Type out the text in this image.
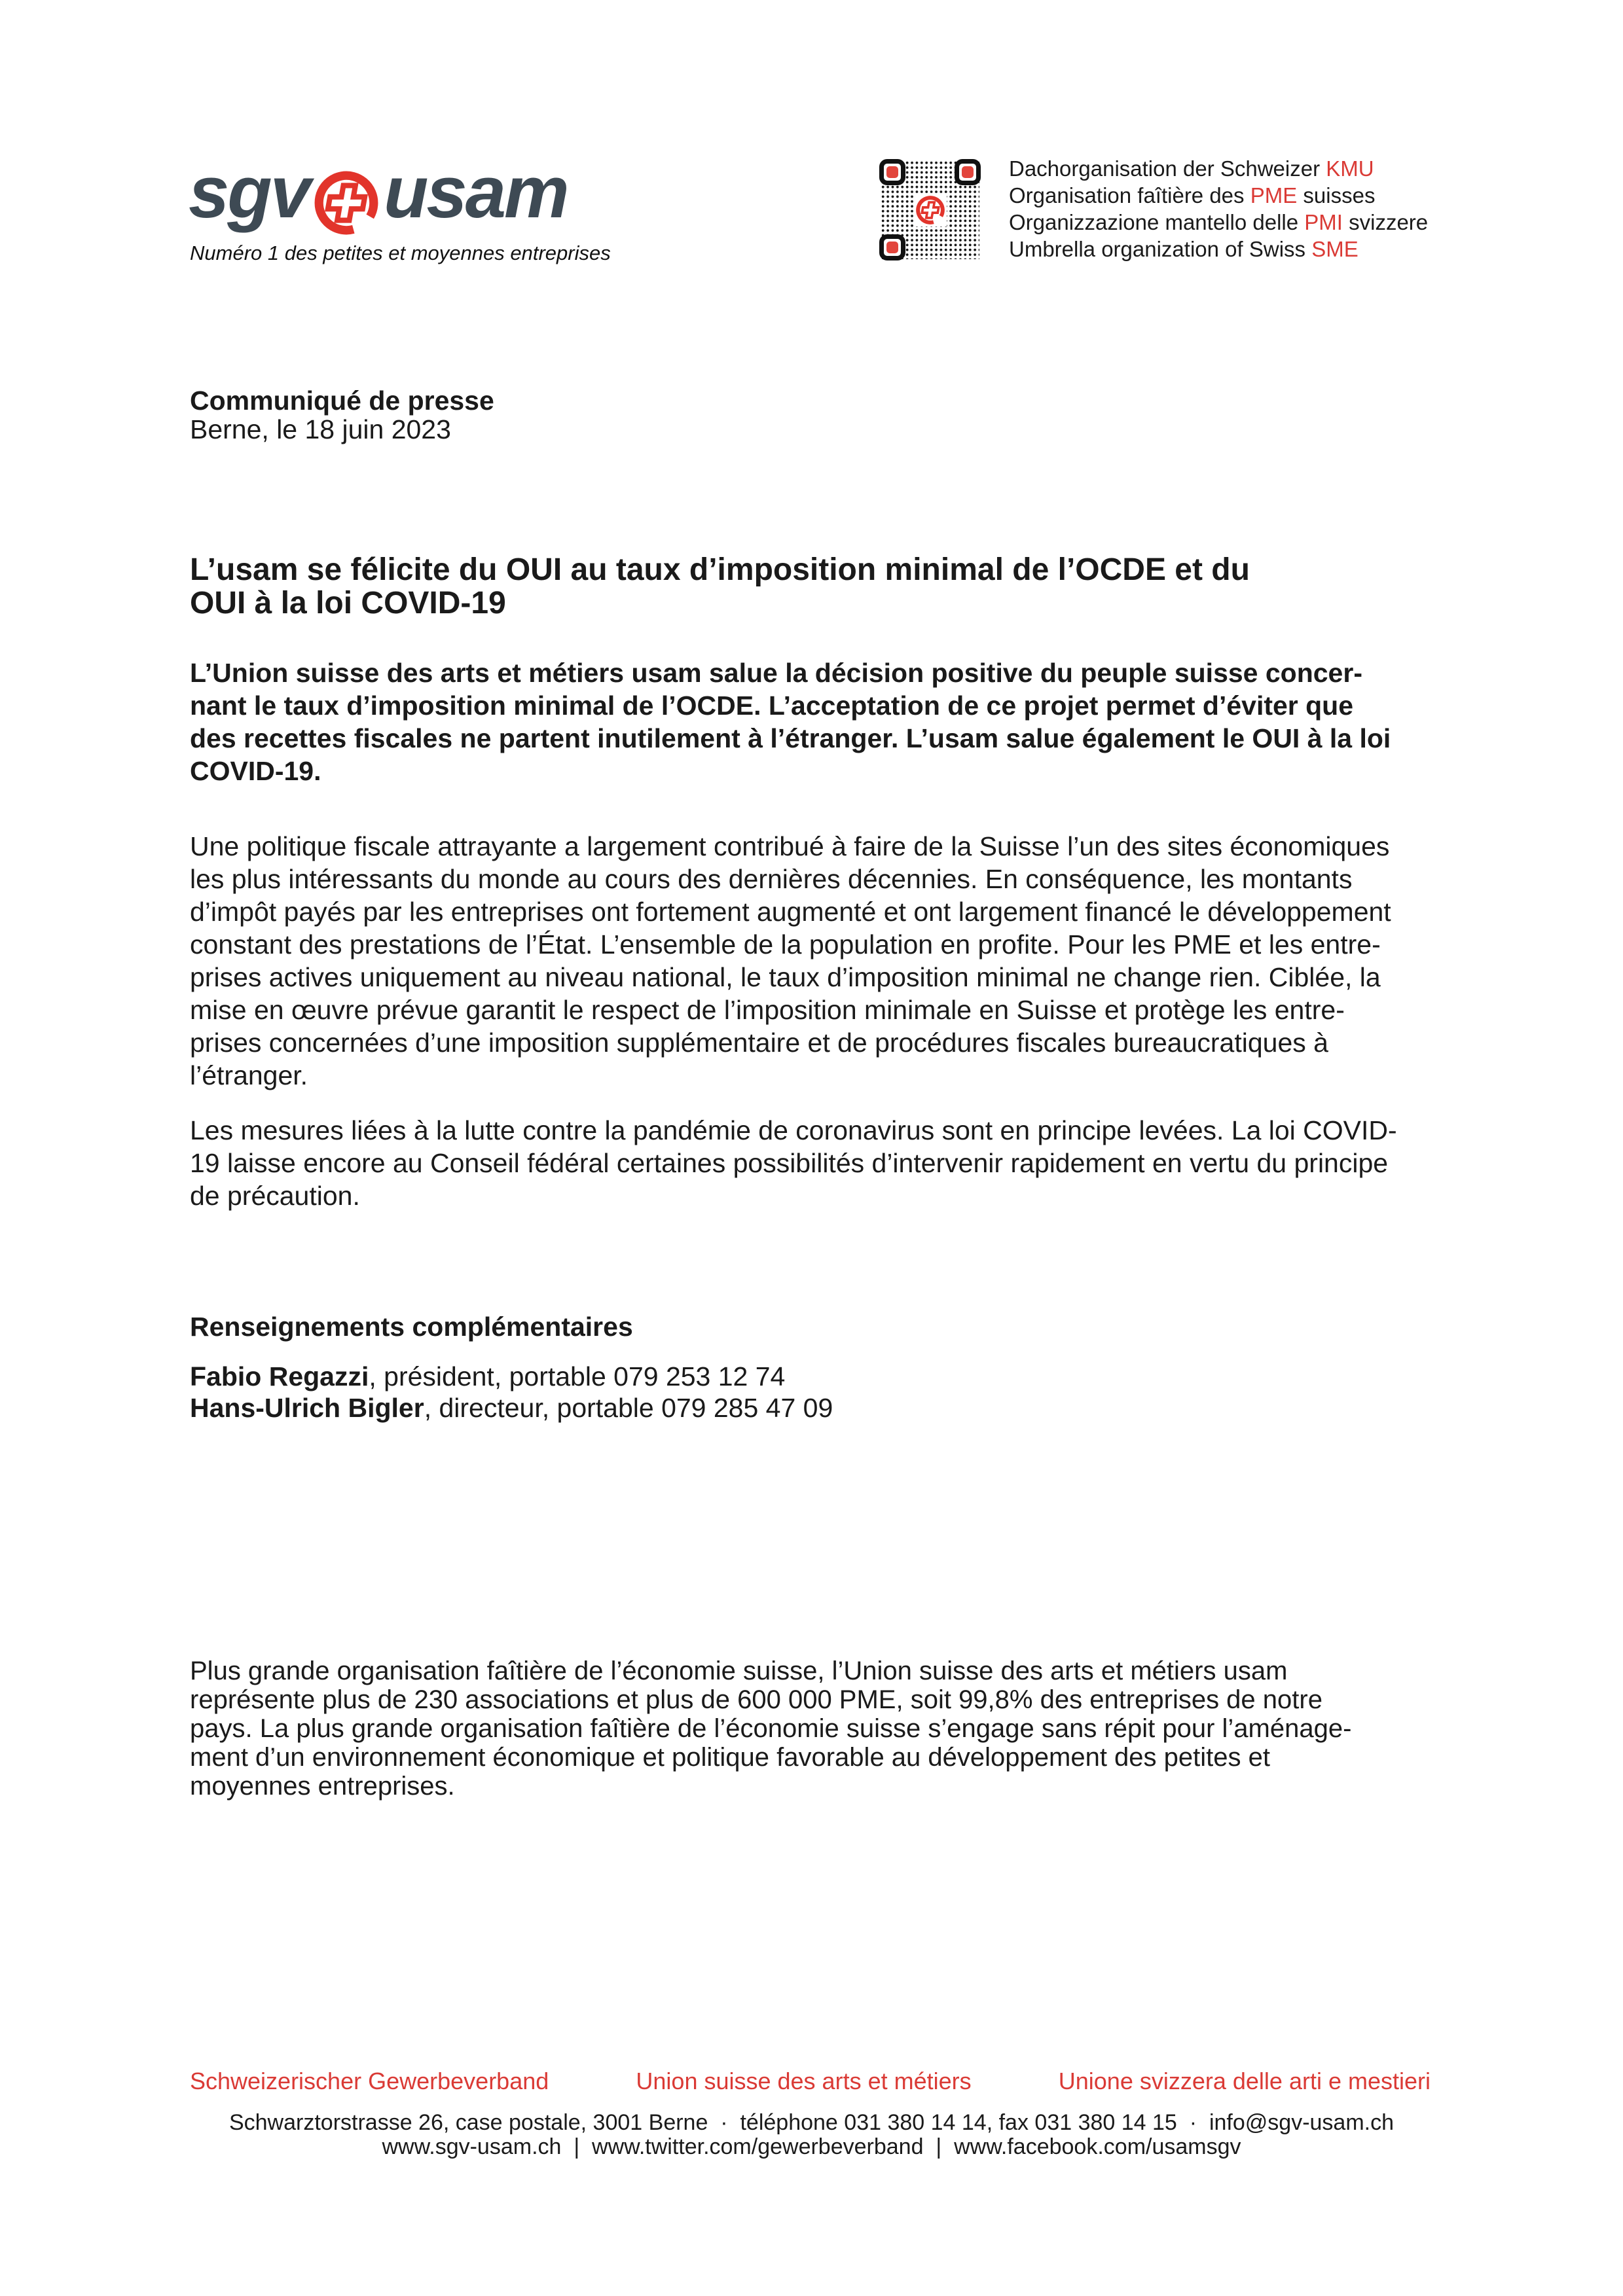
sgv usam
Numéro 1 des petites et moyennes entreprises
Dachorganisation der Schweizer KMU
Organisation faîtière des PME suisses
Organizzazione mantello delle PMI svizzere
Umbrella organization of Swiss SME
Communiqué de presse
Berne, le 18 juin 2023
L’usam se félicite du OUI au taux d’imposition minimal de l’OCDE et du
OUI à la loi COVID-19
L’Union suisse des arts et métiers usam salue la décision positive du peuple suisse concer-
nant le taux d’imposition minimal de l’OCDE. L’acceptation de ce projet permet d’éviter que
des recettes fiscales ne partent inutilement à l’étranger. L’usam salue également le OUI à la loi
COVID-19.
Une politique fiscale attrayante a largement contribué à faire de la Suisse l’un des sites économiques
les plus intéressants du monde au cours des dernières décennies. En conséquence, les montants
d’impôt payés par les entreprises ont fortement augmenté et ont largement financé le développement
constant des prestations de l’État. L’ensemble de la population en profite. Pour les PME et les entre-
prises actives uniquement au niveau national, le taux d’imposition minimal ne change rien. Ciblée, la
mise en œuvre prévue garantit le respect de l’imposition minimale en Suisse et protège les entre-
prises concernées d’une imposition supplémentaire et de procédures fiscales bureaucratiques à
l’étranger.
Les mesures liées à la lutte contre la pandémie de coronavirus sont en principe levées. La loi COVID-
19 laisse encore au Conseil fédéral certaines possibilités d’intervenir rapidement en vertu du principe
de précaution.
Renseignements complémentaires
Fabio Regazzi, président, portable 079 253 12 74
Hans-Ulrich Bigler, directeur, portable 079 285 47 09
Plus grande organisation faîtière de l’économie suisse, l’Union suisse des arts et métiers usam
représente plus de 230 associations et plus de 600 000 PME, soit 99,8% des entreprises de notre
pays. La plus grande organisation faîtière de l’économie suisse s’engage sans répit pour l’aménage-
ment d’un environnement économique et politique favorable au développement des petites et
moyennes entreprises.
Schweizerischer Gewerbeverband	Union suisse des arts et métiers	Unione svizzera delle arti e mestieri
Schwarztorstrasse 26, case postale, 3001 Berne  ·  téléphone 031 380 14 14, fax 031 380 14 15  ·  info@sgv-usam.ch
www.sgv-usam.ch  |  www.twitter.com/gewerbeverband  |  www.facebook.com/usamsgv
